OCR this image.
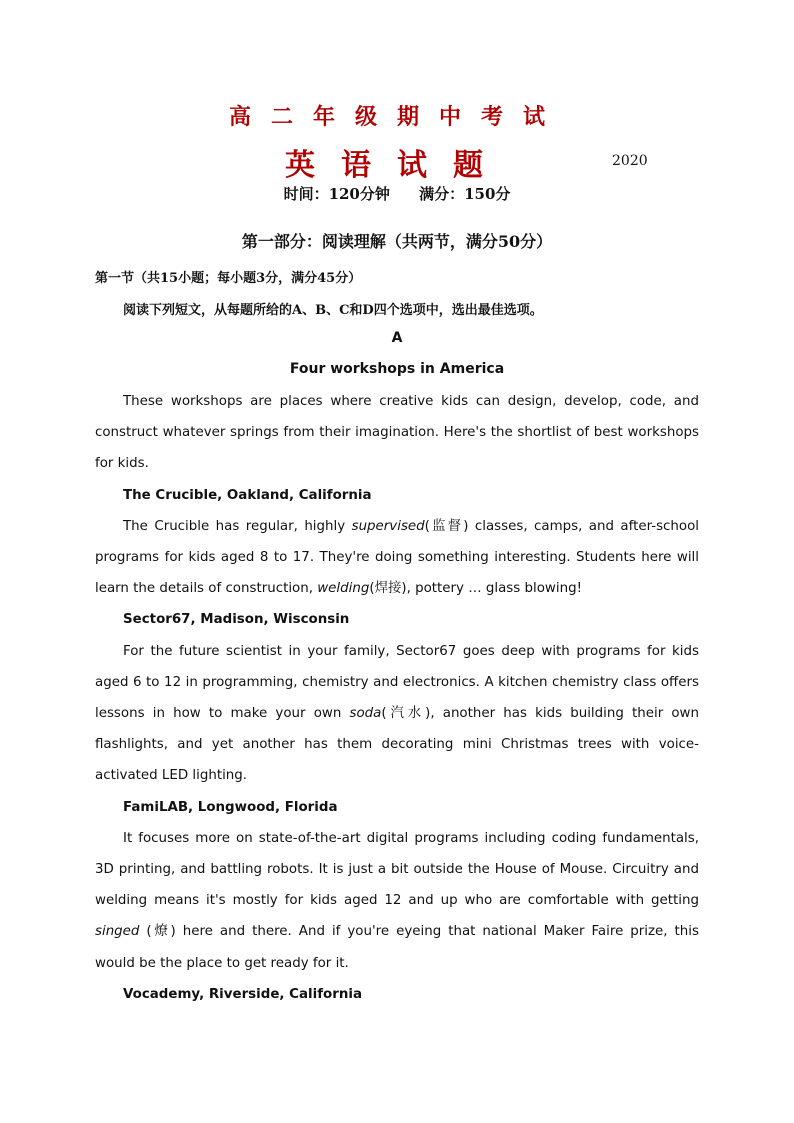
高二年级期中考试
英语试题	2020
时间：120分钟 满分：150分
第一部分：阅读理解（共两节，满分50分）
第一节（共15小题；每小题3分，满分45分）
阅读下列短文，从每题所给的A、B、C和D四个选项中，选出最佳选项。
A
Four workshops in America

These workshops are places where creative kids can design, develop, code, and construct whatever springs from their imagination. Here's the shortlist of best workshops for kids.

The Crucible, Oakland, California

The Crucible has regular, highly supervised(监督) classes, camps, and after-school programs for kids aged 8 to 17. They're doing something interesting. Students here will learn the details of construction, welding(焊接), pottery … glass blowing!

Sector67, Madison, Wisconsin

For the future scientist in your family, Sector67 goes deep with programs for kids aged 6 to 12 in programming, chemistry and electronics. A kitchen chemistry class offers lessons in how to make your own soda(汽水), another has kids building their own flashlights, and yet another has them decorating mini Christmas trees with voice-activated LED lighting.

FamiLAB, Longwood, Florida

It focuses more on state-of-the-art digital programs including coding fundamentals, 3D printing, and battling robots. It is just a bit outside the House of Mouse. Circuitry and welding means it's mostly for kids aged 12 and up who are comfortable with getting singed (燎) here and there. And if you're eyeing that national Maker Faire prize, this would be the place to get ready for it.

Vocademy, Riverside, California
